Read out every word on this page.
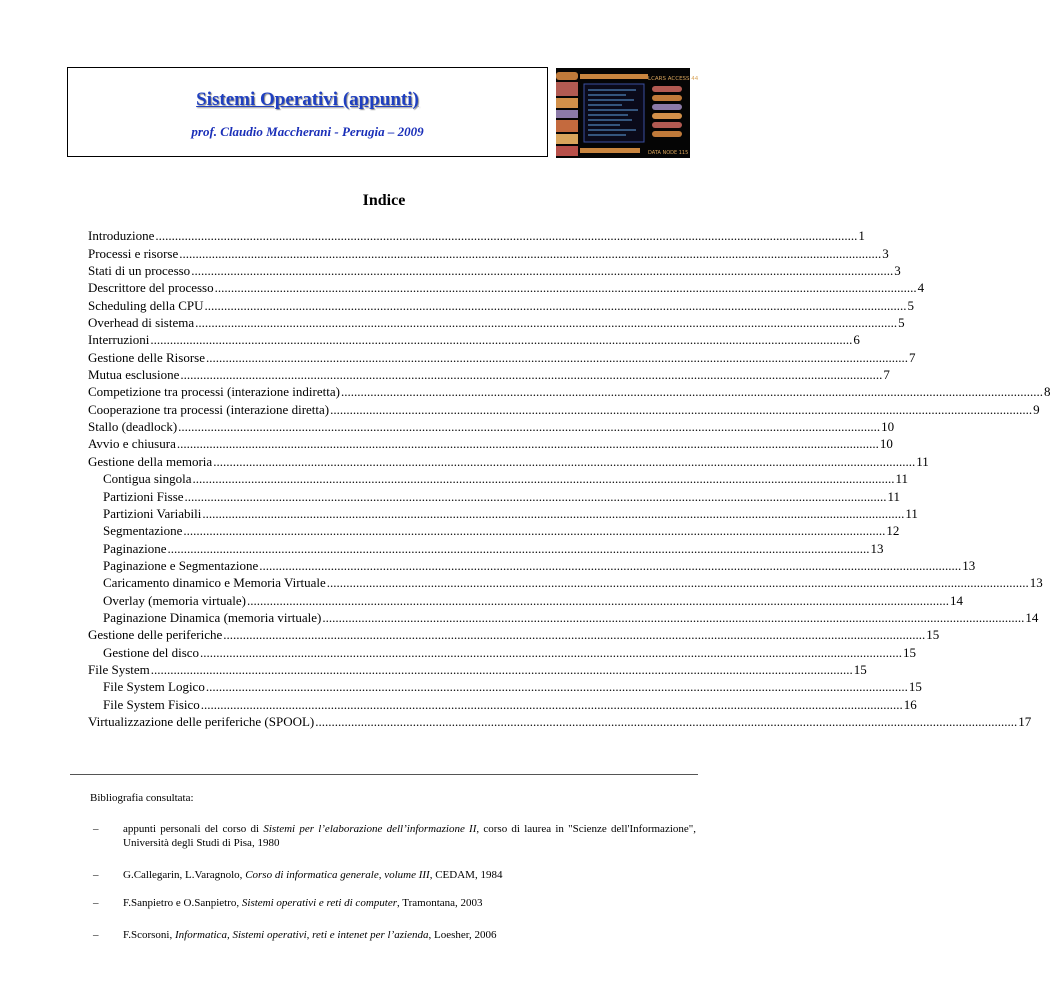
Sistemi Operativi (appunti)
prof. Claudio Maccherani - Perugia – 2009
LCARS ACCESS 44
DATA NODE 115
Indice
Introduzione .....	1
Processi e risorse .....	3
Stati di un processo .....	3
Descrittore del processo .....	4
Scheduling della CPU .....	5
Overhead di sistema .....	5
Interruzioni .....	6
Gestione delle Risorse .....	7
Mutua esclusione .....	7
Competizione tra processi (interazione indiretta) .....	8
Cooperazione tra processi (interazione diretta) .....	9
Stallo (deadlock) .....	10
Avvio e chiusura .....	10
Gestione della memoria .....	11
Contigua singola .....	11
Partizioni Fisse .....	11
Partizioni Variabili .....	11
Segmentazione .....	12
Paginazione .....	13
Paginazione e Segmentazione .....	13
Caricamento dinamico e Memoria Virtuale .....	13
Overlay (memoria virtuale) .....	14
Paginazione Dinamica (memoria virtuale) .....	14
Gestione delle periferiche .....	15
Gestione del disco .....	15
File System .....	15
File System Logico .....	15
File System Fisico .....	16
Virtualizzazione delle periferiche (SPOOL) .....	17
Bibliografia consultata:
–	appunti personali del corso di Sistemi per l’elaborazione dell’informazione II, corso di laurea in "Scienze dell'Informazione", Università degli Studi di Pisa, 1980
–	G.Callegarin, L.Varagnolo, Corso di informatica generale, volume III, CEDAM, 1984
–	F.Sanpietro e O.Sanpietro, Sistemi operativi e reti di computer, Tramontana, 2003
–	F.Scorsoni, Informatica, Sistemi operativi, reti e intenet per l’azienda, Loesher, 2006
